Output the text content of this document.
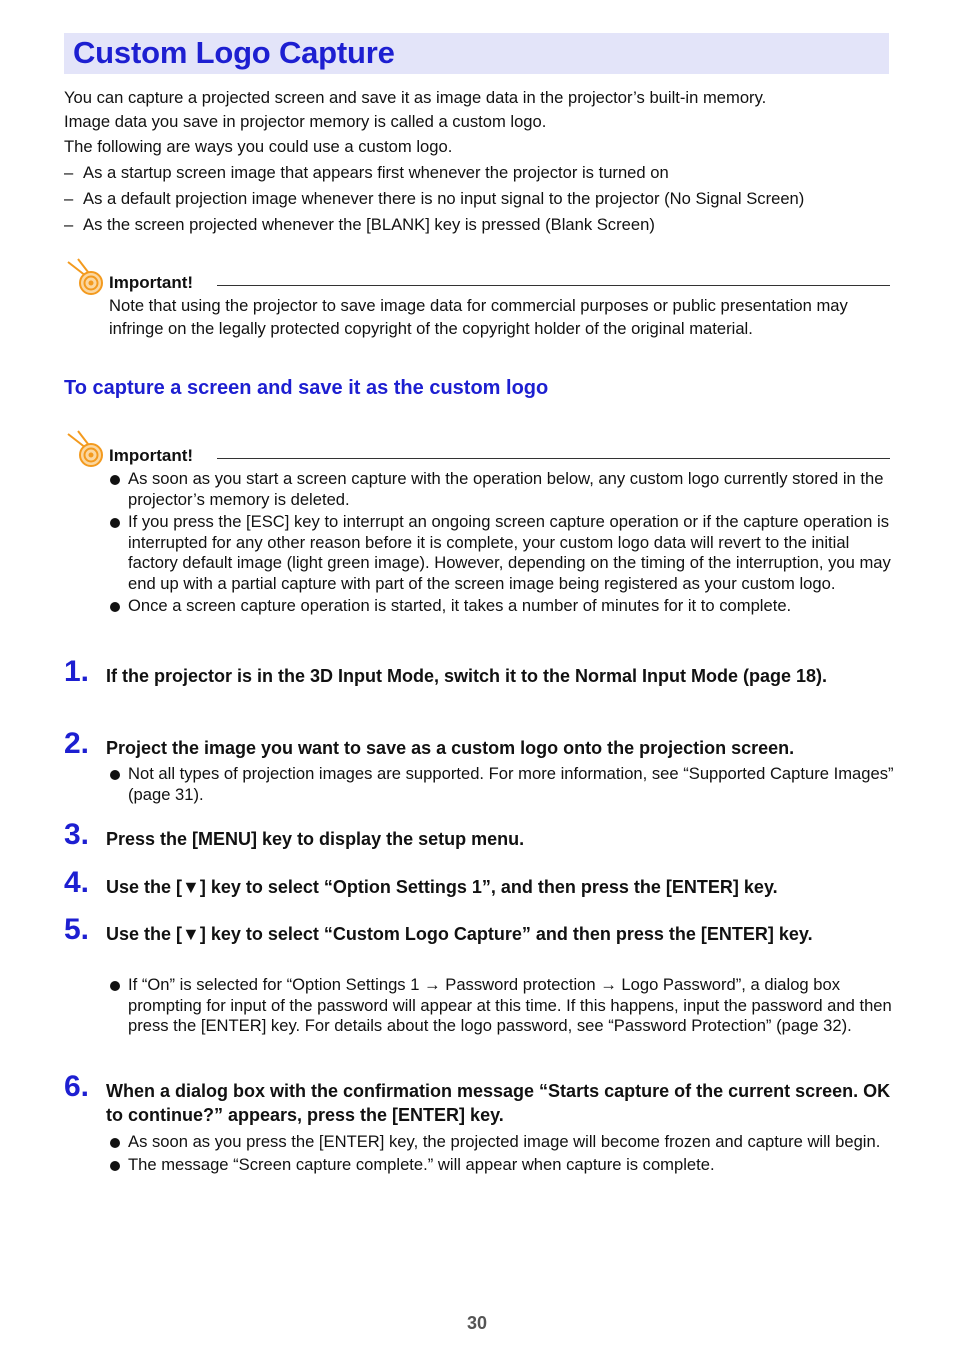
Custom Logo Capture
You can capture a projected screen and save it as image data in the projector’s built-in memory.
Image data you save in projector memory is called a custom logo.
The following are ways you could use a custom logo.
– As a startup screen image that appears first whenever the projector is turned on
– As a default projection image whenever there is no input signal to the projector (No Signal Screen)
– As the screen projected whenever the [BLANK] key is pressed (Blank Screen)
Important!
Note that using the projector to save image data for commercial purposes or public presentation may infringe on the legally protected copyright of the copyright holder of the original material.
To capture a screen and save it as the custom logo
Important!
As soon as you start a screen capture with the operation below, any custom logo currently stored in the projector’s memory is deleted.
If you press the [ESC] key to interrupt an ongoing screen capture operation or if the capture operation is interrupted for any other reason before it is complete, your custom logo data will revert to the initial factory default image (light green image). However, depending on the timing of the interruption, you may end up with a partial capture with part of the screen image being registered as your custom logo.
Once a screen capture operation is started, it takes a number of minutes for it to complete.
1. If the projector is in the 3D Input Mode, switch it to the Normal Input Mode (page 18).
2. Project the image you want to save as a custom logo onto the projection screen.
Not all types of projection images are supported. For more information, see “Supported Capture Images” (page 31).
3. Press the [MENU] key to display the setup menu.
4. Use the [▼] key to select “Option Settings 1”, and then press the [ENTER] key.
5. Use the [▼] key to select “Custom Logo Capture” and then press the [ENTER] key.
If “On” is selected for “Option Settings 1 → Password protection → Logo Password”, a dialog box prompting for input of the password will appear at this time. If this happens, input the password and then press the [ENTER] key. For details about the logo password, see “Password Protection” (page 32).
6. When a dialog box with the confirmation message “Starts capture of the current screen. OK to continue?” appears, press the [ENTER] key.
As soon as you press the [ENTER] key, the projected image will become frozen and capture will begin.
The message “Screen capture complete.” will appear when capture is complete.
30
